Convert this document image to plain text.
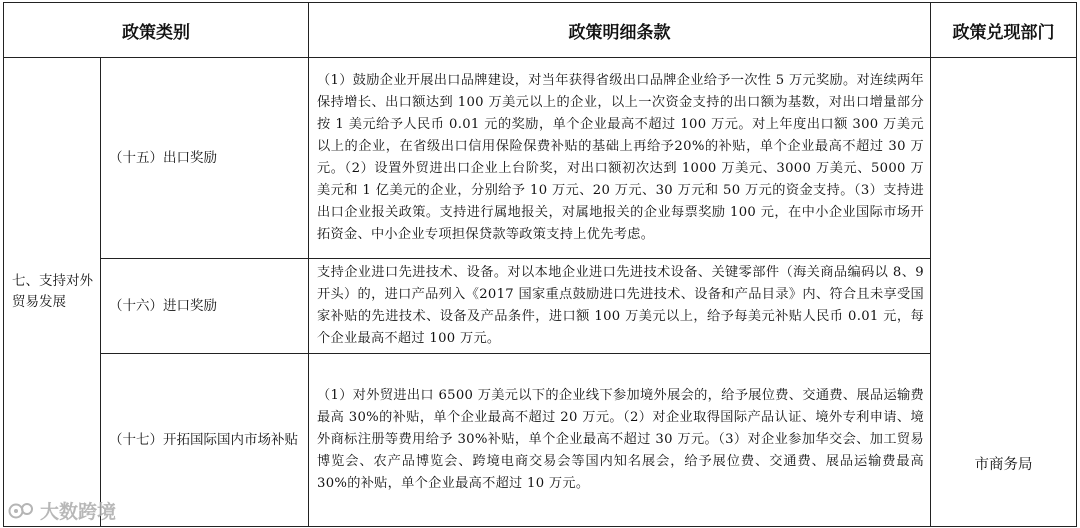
政策类别		政策明细条款	政策兑现部门
七、支持对外贸易发展	（十五）出口奖励	（1）鼓励企业开展出口品牌建设，对当年获得省级出口品牌企业给予一次性 5 万元奖励。对连续两年保持增长、出口额达到 100 万美元以上的企业，以上一次资金支持的出口额为基数，对出口增量部分按 1 美元给予人民币 0.01 元的奖励，单个企业最高不超过 100 万元。对上年度出口额 300 万美元以上的企业，在省级出口信用保险保费补贴的基础上再给予20%的补贴，单个企业最高不超过 30 万元。（2）设置外贸进出口企业上台阶奖，对出口额初次达到 1000 万美元、3000 万美元、5000 万美元和 1 亿美元的企业，分别给予 10 万元、20 万元、30 万元和 50 万元的资金支持。（3）支持进出口企业报关政策。支持进行属地报关，对属地报关的企业每票奖励 100 元，在中小企业国际市场开拓资金、中小企业专项担保贷款等政策支持上优先考虑。	市商务局
	（十六）进口奖励	支持企业进口先进技术、设备。对以本地企业进口先进技术设备、关键零部件（海关商品编码以 8、9 开头）的，进口产品列入《2017 国家重点鼓励进口先进技术、设备和产品目录》内、符合且未享受国家补贴的先进技术、设备及产品条件，进口额 100 万美元以上，给予每美元补贴人民币 0.01 元，每个企业最高不超过 100 万元。	
	（十七）开拓国际国内市场补贴	（1）对外贸进出口 6500 万美元以下的企业线下参加境外展会的，给予展位费、交通费、展品运输费最高 30%的补贴，单个企业最高不超过 20 万元。（2）对企业取得国际产品认证、境外专利申请、境外商标注册等费用给予 30%补贴，单个企业最高不超过 30 万元。（3）对企业参加华交会、加工贸易博览会、农产品博览会、跨境电商交易会等国内知名展会，给予展位费、交通费、展品运输费最高 30%的补贴，单个企业最高不超过 10 万元。	
大数跨境
